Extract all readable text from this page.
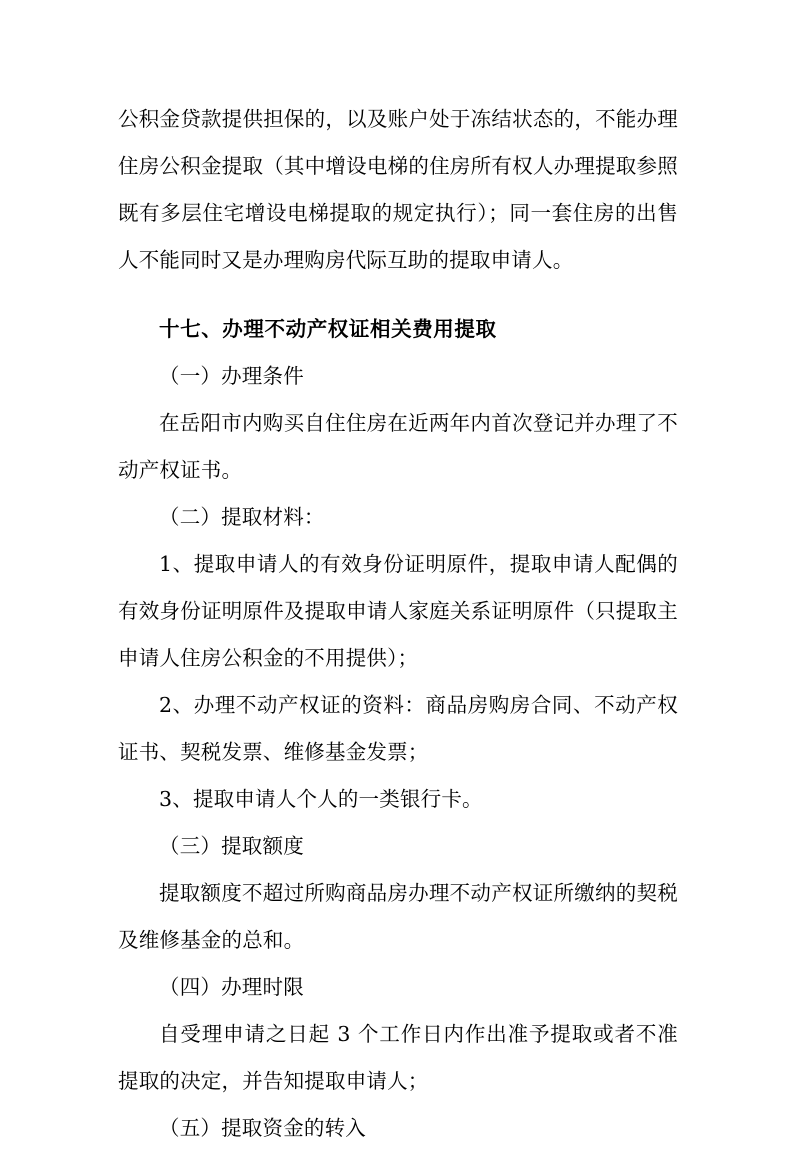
公积金贷款提供担保的，以及账户处于冻结状态的，不能办理住房公积金提取（其中增设电梯的住房所有权人办理提取参照既有多层住宅增设电梯提取的规定执行）；同一套住房的出售人不能同时又是办理购房代际互助的提取申请人。

十七、办理不动产权证相关费用提取

（一）办理条件

在岳阳市内购买自住住房在近两年内首次登记并办理了不动产权证书。

（二）提取材料：

1、提取申请人的有效身份证明原件，提取申请人配偶的有效身份证明原件及提取申请人家庭关系证明原件（只提取主申请人住房公积金的不用提供）；

2、办理不动产权证的资料：商品房购房合同、不动产权证书、契税发票、维修基金发票；

3、提取申请人个人的一类银行卡。

（三）提取额度

提取额度不超过所购商品房办理不动产权证所缴纳的契税及维修基金的总和。

（四）办理时限

自受理申请之日起 3 个工作日内作出准予提取或者不准提取的决定，并告知提取申请人；

（五）提取资金的转入
